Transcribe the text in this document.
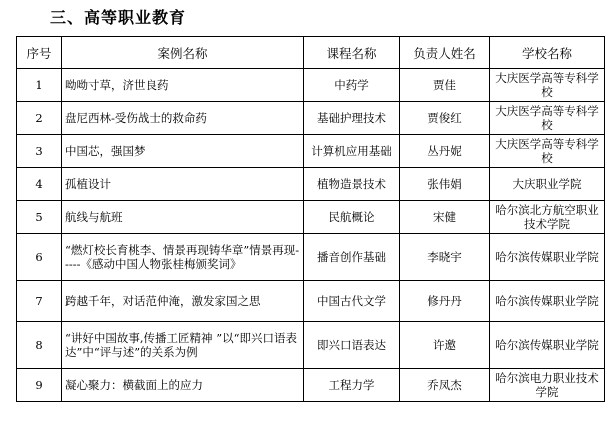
三、高等职业教育
序号	案例名称	课程名称	负责人姓名	学校名称
1	呦呦寸草，济世良药	中药学	贾佳	大庆医学高等专科学校
2	盘尼西林-受伤战士的救命药	基础护理技术	贾俊红	大庆医学高等专科学校
3	中国芯，强国梦	计算机应用基础	丛丹妮	大庆医学高等专科学校
4	孤植设计	植物造景技术	张伟娟	大庆职业学院
5	航线与航班	民航概论	宋健	哈尔滨北方航空职业技术学院
6	“燃灯校长育桃李、情景再现铸华章”情景再现-----《感动中国人物张桂梅颁奖词》	播音创作基础	李晓宇	哈尔滨传媒职业学院
7	跨越千年，对话范仲淹，激发家国之思	中国古代文学	修丹丹	哈尔滨传媒职业学院
8	“讲好中国故事,传播工匠精神 ”以“即兴口语表达”中“评与述”的关系为例	即兴口语表达	许邀	哈尔滨传媒职业学院
9	凝心聚力：横截面上的应力	工程力学	乔凤杰	哈尔滨电力职业技术学院
